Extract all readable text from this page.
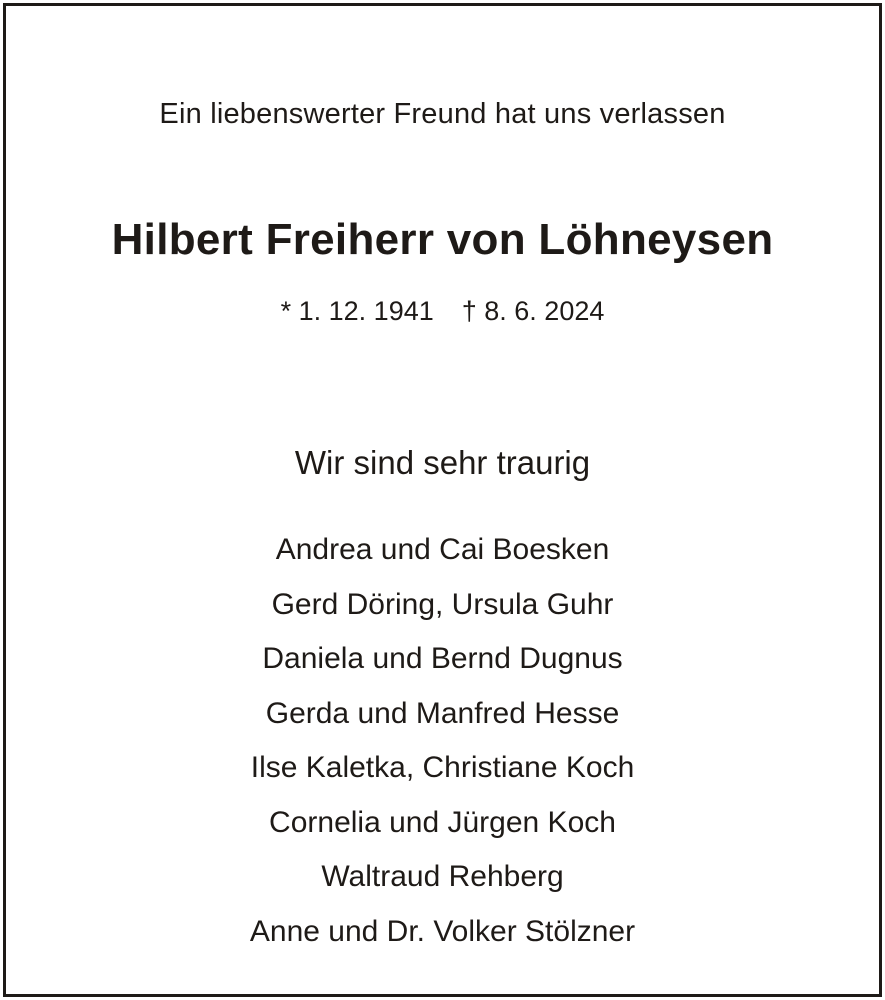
Ein liebenswerter Freund hat uns verlassen
Hilbert Freiherr von Löhneysen
* 1. 12. 1941 † 8. 6. 2024
Wir sind sehr traurig
Andrea und Cai Boesken
Gerd Döring, Ursula Guhr
Daniela und Bernd Dugnus
Gerda und Manfred Hesse
Ilse Kaletka, Christiane Koch
Cornelia und Jürgen Koch
Waltraud Rehberg
Anne und Dr. Volker Stölzner
